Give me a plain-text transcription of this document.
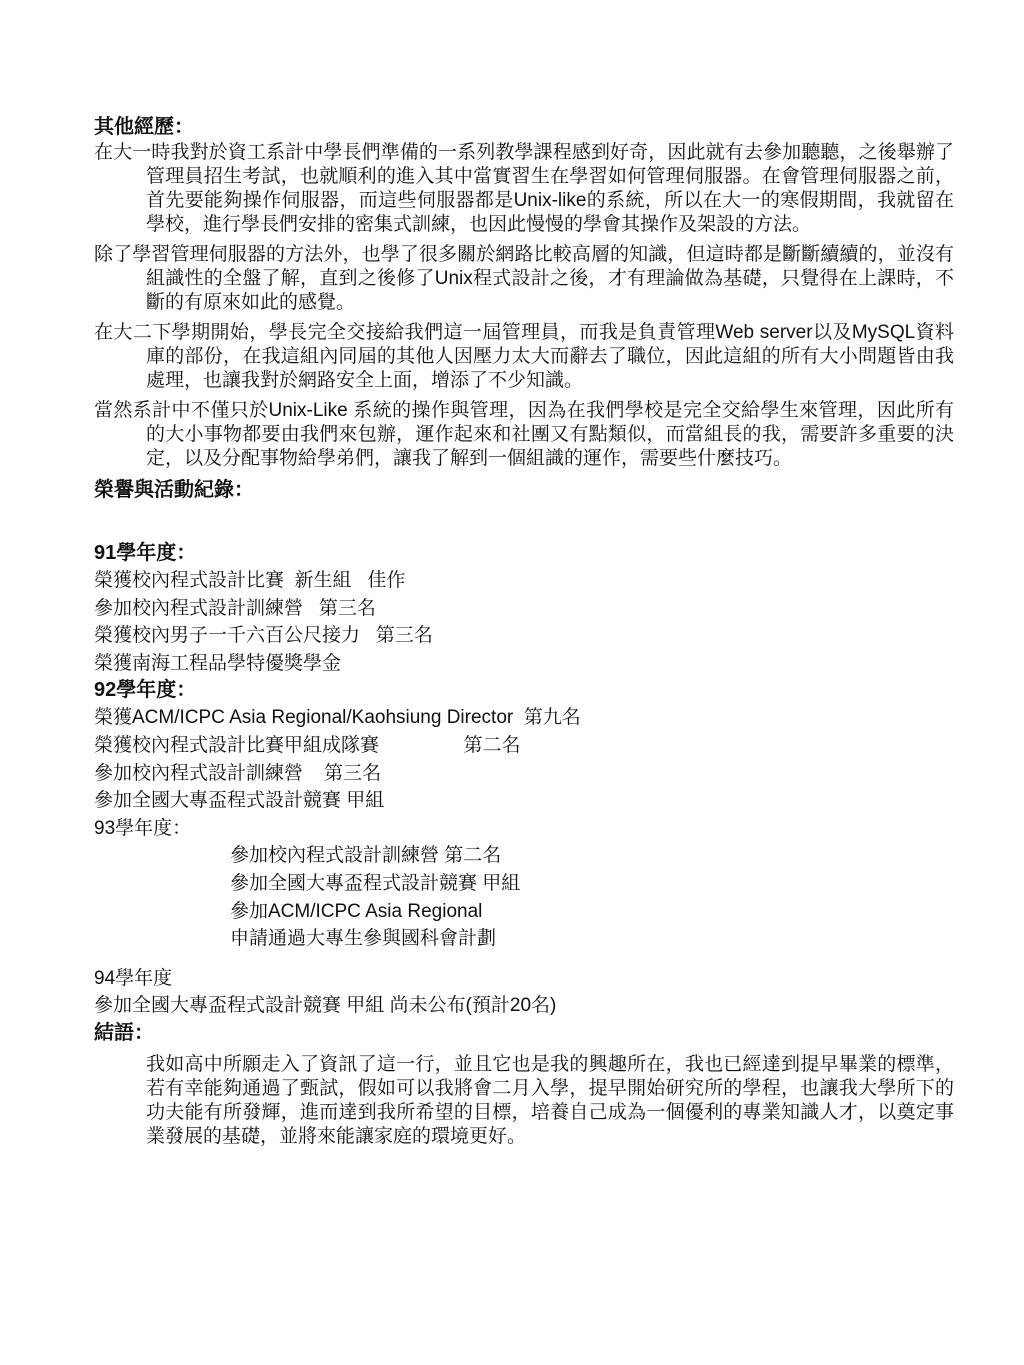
其他經歷：

在大一時我對於資工系計中學長們準備的一系列教學課程感到好奇，因此就有去參加聽聽，之後舉辦了管理員招生考試，也就順利的進入其中當實習生在學習如何管理伺服器。在會管理伺服器之前，首先要能夠操作伺服器，而這些伺服器都是Unix-like的系統，所以在大一的寒假期間，我就留在學校，進行學長們安排的密集式訓練，也因此慢慢的學會其操作及架設的方法。

除了學習管理伺服器的方法外，也學了很多關於網路比較高層的知識，但這時都是斷斷續續的，並沒有組識性的全盤了解，直到之後修了Unix程式設計之後，才有理論做為基礎，只覺得在上課時，不斷的有原來如此的感覺。

在大二下學期開始，學長完全交接給我們這一屆管理員，而我是負責管理Web server以及MySQL資料庫的部份，在我這組內同屆的其他人因壓力太大而辭去了職位，因此這組的所有大小問題皆由我處理，也讓我對於網路安全上面，增添了不少知識。

當然系計中不僅只於Unix-Like 系統的操作與管理，因為在我們學校是完全交給學生來管理，因此所有的大小事物都要由我們來包辦，運作起來和社團又有點類似，而當組長的我，需要許多重要的決定，以及分配事物給學弟們，讓我了解到一個組識的運作，需要些什麼技巧。

榮譽與活動紀錄：
91學年度：

榮獲校內程式設計比賽  新生組   佳作

參加校內程式設計訓練營   第三名

榮獲校內男子一千六百公尺接力   第三名

榮獲南海工程品學特優獎學金

92學年度：

榮獲ACM/ICPC Asia Regional/Kaohsiung Director  第九名

榮獲校內程式設計比賽甲組成隊賽                第二名

參加校內程式設計訓練營    第三名

參加全國大專盃程式設計競賽 甲組

93學年度：

參加校內程式設計訓練營 第二名

參加全國大專盃程式設計競賽 甲組

參加ACM/ICPC Asia Regional

申請通過大專生參與國科會計劃

94學年度

參加全國大專盃程式設計競賽 甲組 尚未公布(預計20名)

結語：

我如高中所願走入了資訊了這一行，並且它也是我的興趣所在，我也已經達到提早畢業的標準，若有幸能夠通過了甄試，假如可以我將會二月入學，提早開始研究所的學程，也讓我大學所下的功夫能有所發輝，進而達到我所希望的目標，培養自己成為一個優利的專業知識人才，以奠定事業發展的基礎，並將來能讓家庭的環境更好。
